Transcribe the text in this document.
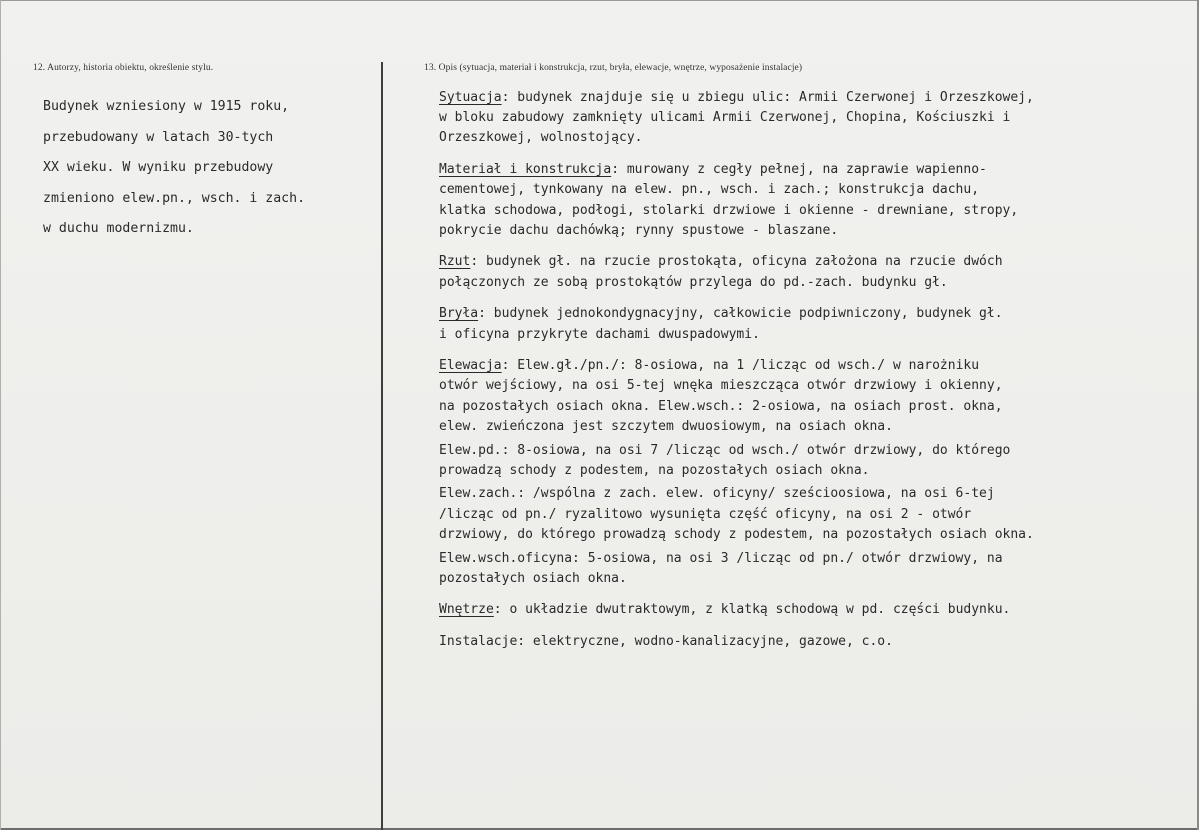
12. Autorzy, historia obiektu, określenie stylu.	13. Opis (sytuacja, materiał i konstrukcja, rzut, bryła, elewacje, wnętrze, wyposażenie instalacje)
Budynek wzniesiony w 1915 roku,
przebudowany w latach 30-tych
XX wieku. W wyniku przebudowy
zmieniono elew.pn., wsch. i zach.
w duchu modernizmu.
Sytuacja: budynek znajduje się u zbiegu ulic: Armii Czerwonej i Orzeszkowej,
w bloku zabudowy zamknięty ulicami Armii Czerwonej, Chopina, Kościuszki i
Orzeszkowej, wolnostojący.
Materiał i konstrukcja: murowany z cegły pełnej, na zaprawie wapienno-
cementowej, tynkowany na elew. pn., wsch. i zach.; konstrukcja dachu,
klatka schodowa, podłogi, stolarki drzwiowe i okienne - drewniane, stropy,
pokrycie dachu dachówką; rynny spustowe - blaszane.
Rzut: budynek gł. na rzucie prostokąta, oficyna założona na rzucie dwóch
połączonych ze sobą prostokątów przylega do pd.-zach. budynku gł.
Bryła: budynek jednokondygnacyjny, całkowicie podpiwniczony, budynek gł.
i oficyna przykryte dachami dwuspadowymi.
Elewacja: Elew.gł./pn./: 8-osiowa, na 1 /licząc od wsch./ w narożniku
otwór wejściowy, na osi 5-tej wnęka mieszcząca otwór drzwiowy i okienny,
na pozostałych osiach okna. Elew.wsch.: 2-osiowa, na osiach prost. okna,
elew. zwieńczona jest szczytem dwuosiowym, na osiach okna.
Elew.pd.: 8-osiowa, na osi 7 /licząc od wsch./ otwór drzwiowy, do którego
prowadzą schody z podestem, na pozostałych osiach okna.
Elew.zach.: /wspólna z zach. elew. oficyny/ sześcioosiowa, na osi 6-tej
/licząc od pn./ ryzalitowo wysunięta część oficyny, na osi 2 - otwór
drzwiowy, do którego prowadzą schody z podestem, na pozostałych osiach okna.
Elew.wsch.oficyna: 5-osiowa, na osi 3 /licząc od pn./ otwór drzwiowy, na
pozostałych osiach okna.
Wnętrze: o układzie dwutraktowym, z klatką schodową w pd. części budynku.
Instalacje: elektryczne, wodno-kanalizacyjne, gazowe, c.o.
